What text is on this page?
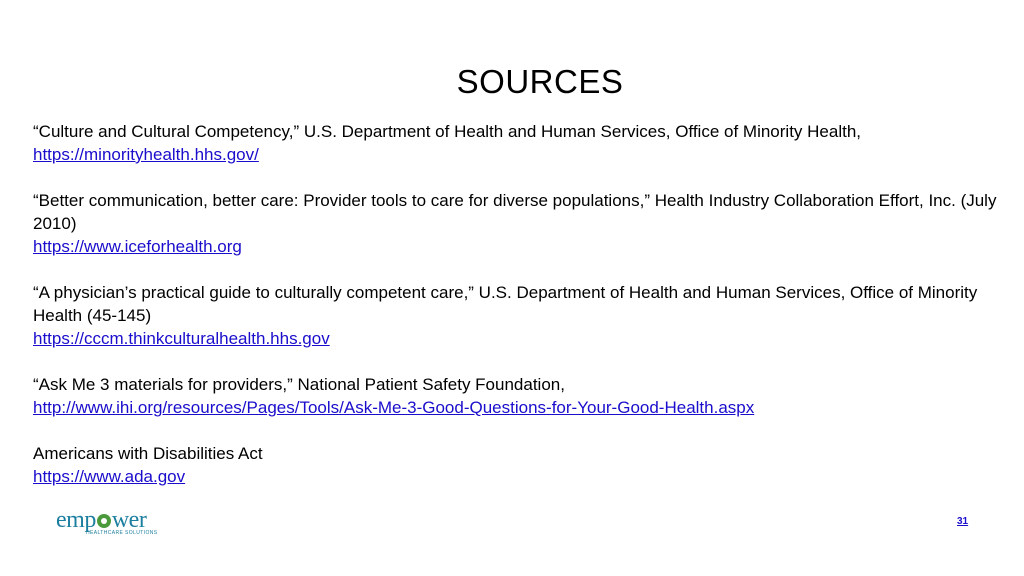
SOURCES
“Culture and Cultural Competency,” U.S. Department of Health and Human Services, Office of Minority Health,
https://minorityhealth.hhs.gov/
“Better communication, better care: Provider tools to care for diverse populations,” Health Industry Collaboration Effort, Inc. (July 2010)
https://www.iceforhealth.org
“A physician’s practical guide to culturally competent care,” U.S. Department of Health and Human Services, Office of Minority Health (45-145)
https://cccm.thinkculturalhealth.hhs.gov
“Ask Me 3 materials for providers,” National Patient Safety Foundation,
http://www.ihi.org/resources/Pages/Tools/Ask-Me-3-Good-Questions-for-Your-Good-Health.aspx
Americans with Disabilities Act
https://www.ada.gov
emp wer
HEALTHCARE SOLUTIONS
31
